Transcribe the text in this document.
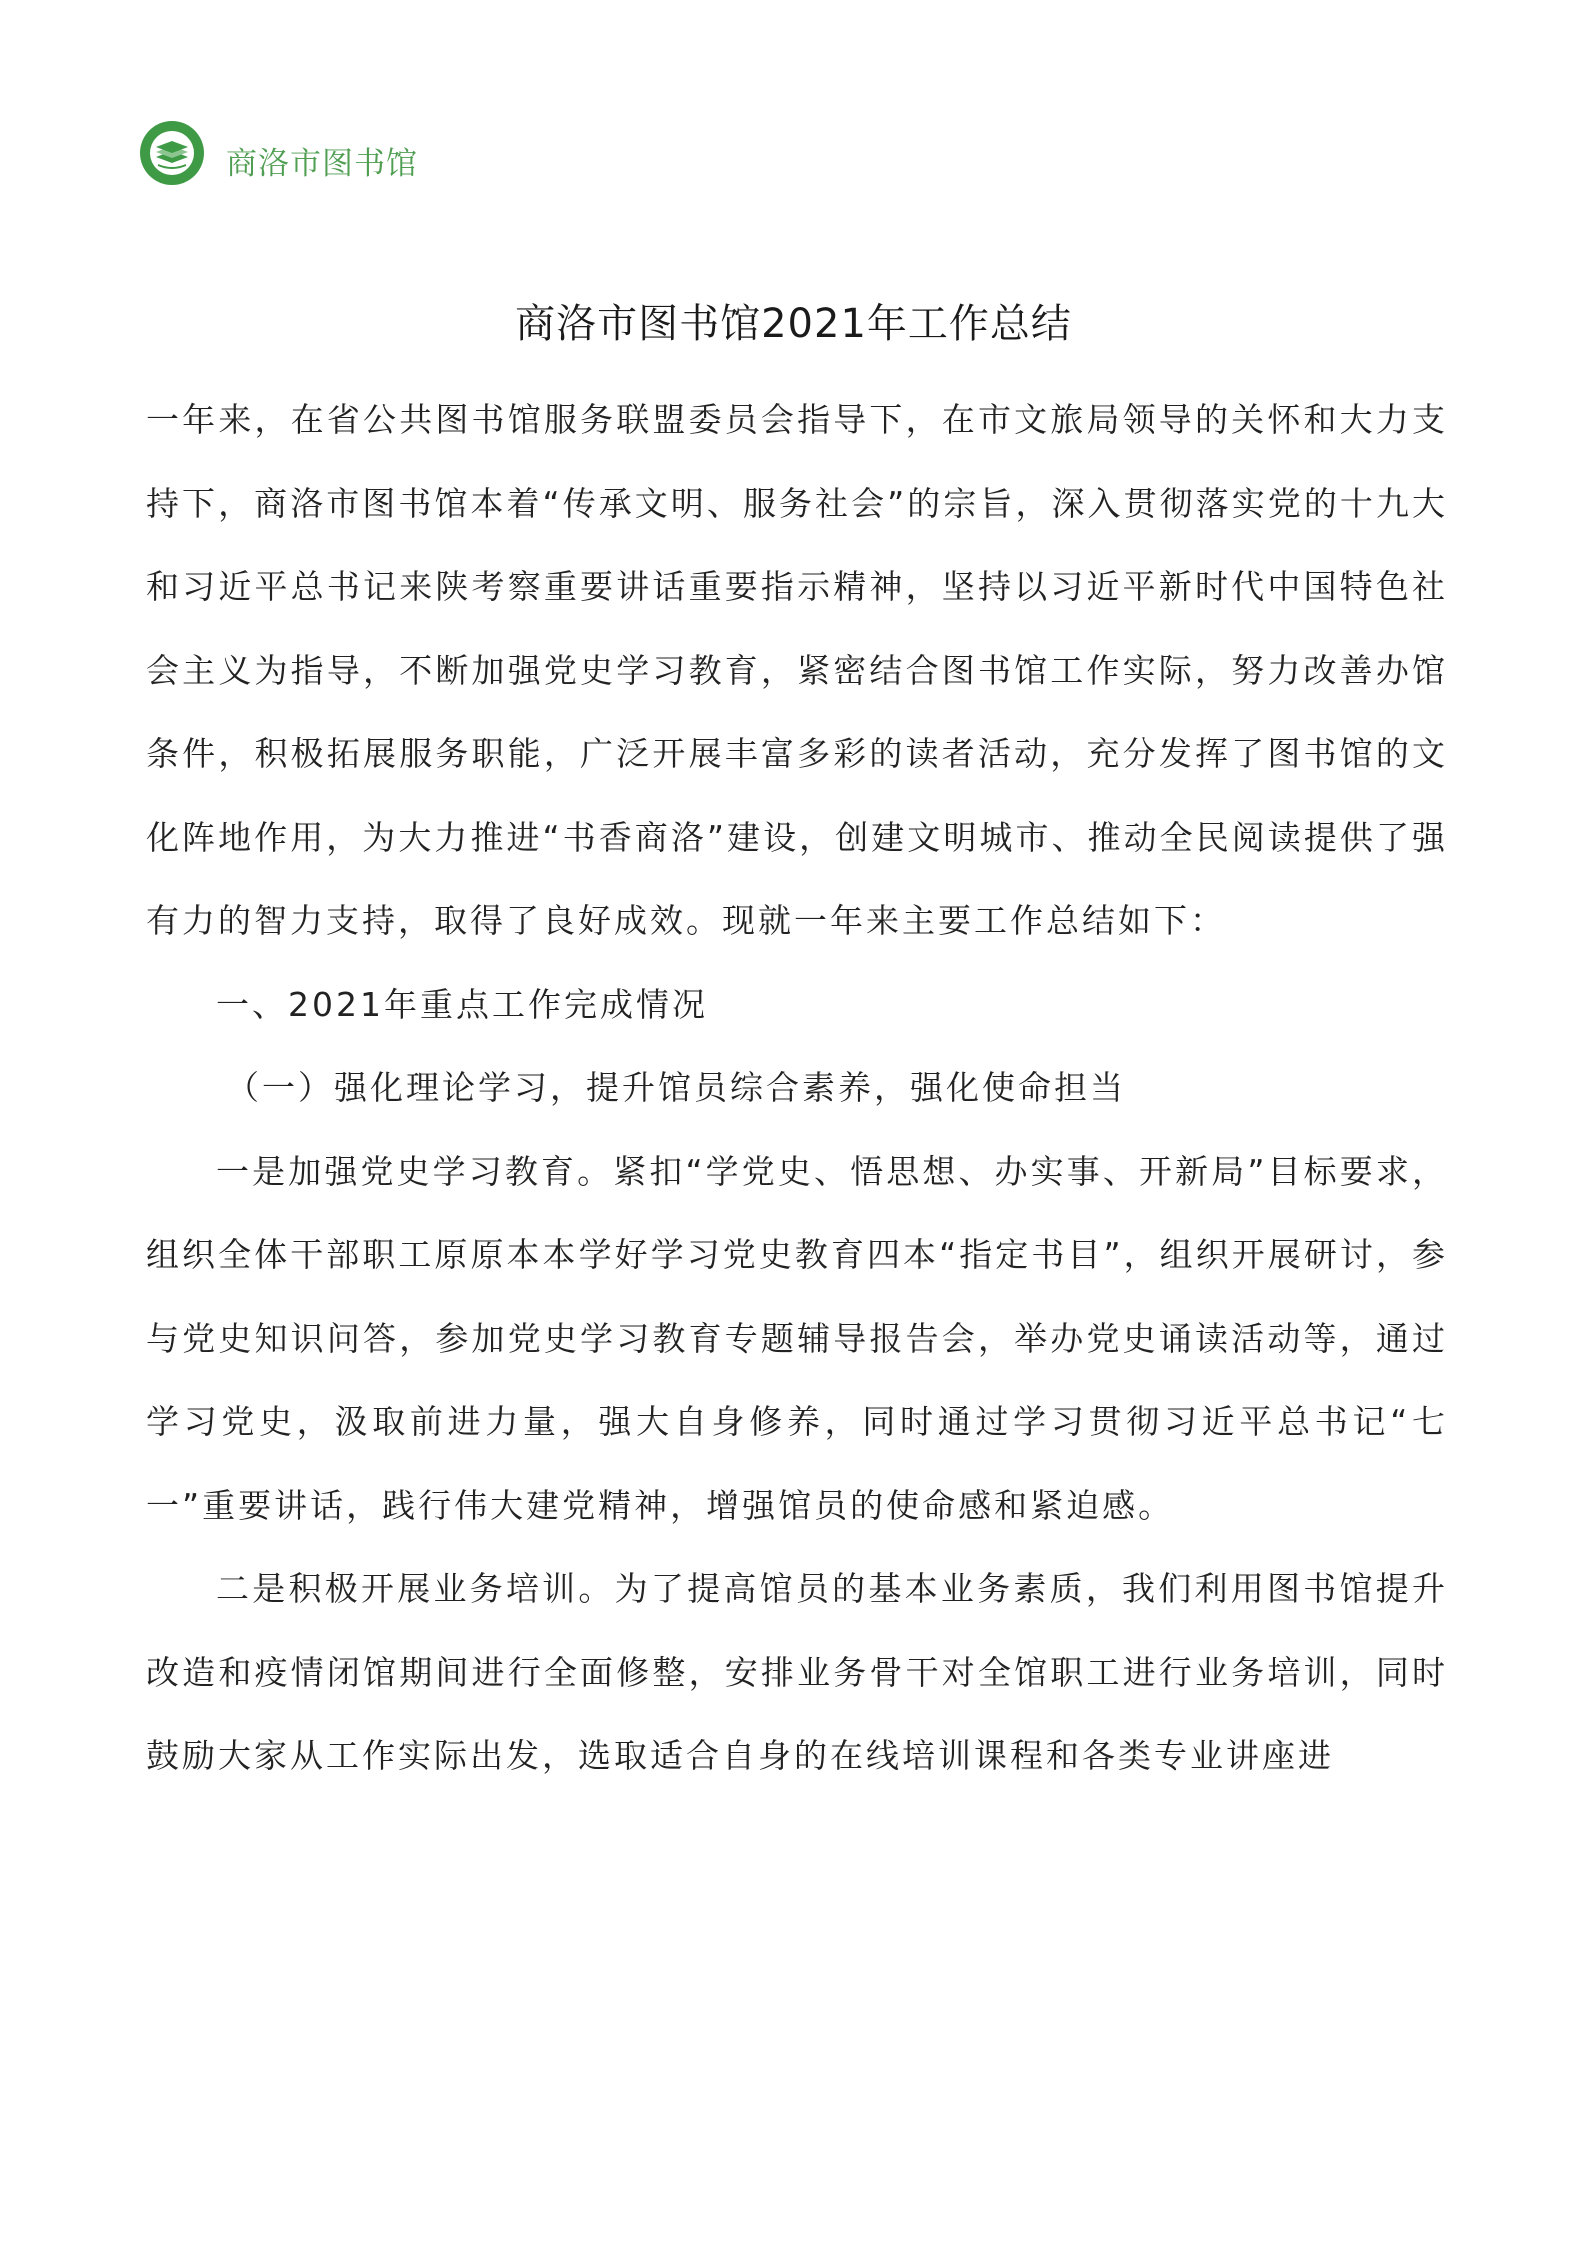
商洛市图书馆
商洛市图书馆2021年工作总结

一年来，在省公共图书馆服务联盟委员会指导下，在市文旅局领导的关怀和大力支持下，商洛市图书馆本着“传承文明、服务社会”的宗旨，深入贯彻落实党的十九大和习近平总书记来陕考察重要讲话重要指示精神，坚持以习近平新时代中国特色社会主义为指导，不断加强党史学习教育，紧密结合图书馆工作实际，努力改善办馆条件，积极拓展服务职能，广泛开展丰富多彩的读者活动，充分发挥了图书馆的文化阵地作用，为大力推进“书香商洛”建设，创建文明城市、推动全民阅读提供了强有力的智力支持，取得了良好成效。现就一年来主要工作总结如下：

一、2021年重点工作完成情况

（一）强化理论学习，提升馆员综合素养，强化使命担当

一是加强党史学习教育。紧扣“学党史、悟思想、办实事、开新局”目标要求，组织全体干部职工原原本本学好学习党史教育四本“指定书目”，组织开展研讨，参与党史知识问答，参加党史学习教育专题辅导报告会，举办党史诵读活动等，通过学习党史，汲取前进力量，强大自身修养，同时通过学习贯彻习近平总书记“七一”重要讲话，践行伟大建党精神，增强馆员的使命感和紧迫感。

二是积极开展业务培训。为了提高馆员的基本业务素质，我们利用图书馆提升改造和疫情闭馆期间进行全面修整，安排业务骨干对全馆职工进行业务培训，同时鼓励大家从工作实际出发，选取适合自身的在线培训课程和各类专业讲座进
